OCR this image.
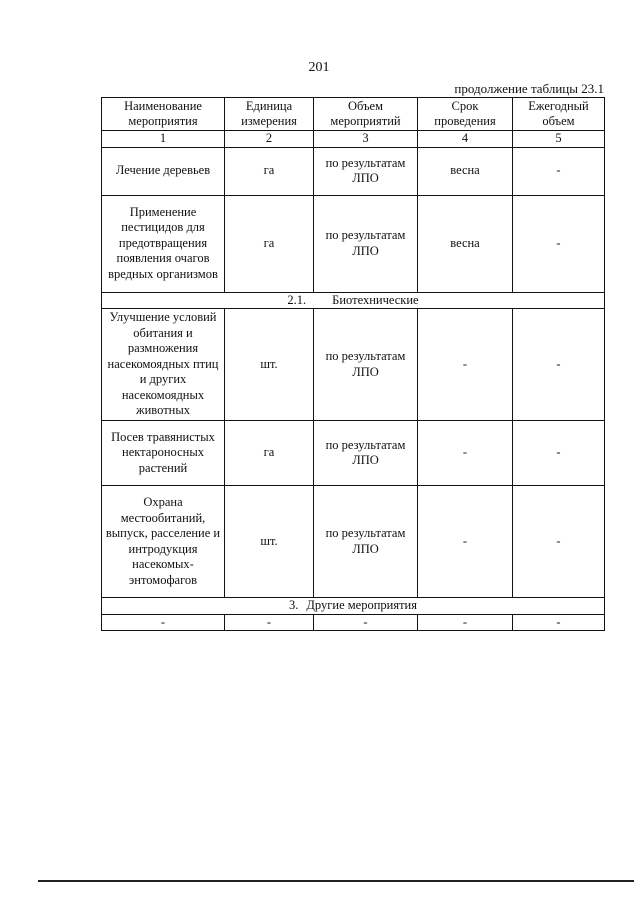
201
продолжение таблицы 23.1
Наименование мероприятия	Единица измерения	Объем мероприятий	Срок проведения	Ежегодный объем
1	2	3	4	5
Лечение деревьев	га	по результатам ЛПО	весна	-
Применение пестицидов для предотвращения появления очагов вредных организмов	га	по результатам ЛПО	весна	-
2.1. Биотехнические				
Улучшение условий обитания и размножения насекомоядных птиц и других насекомоядных животных	шт.	по результатам ЛПО	-	-
Посев травянистых нектароносных растений	га	по результатам ЛПО	-	-
Охрана местообитаний, выпуск, расселение и интродукция насекомых-энтомофагов	шт.	по результатам ЛПО	-	-
3. Другие мероприятия				
-	-	-	-	-
